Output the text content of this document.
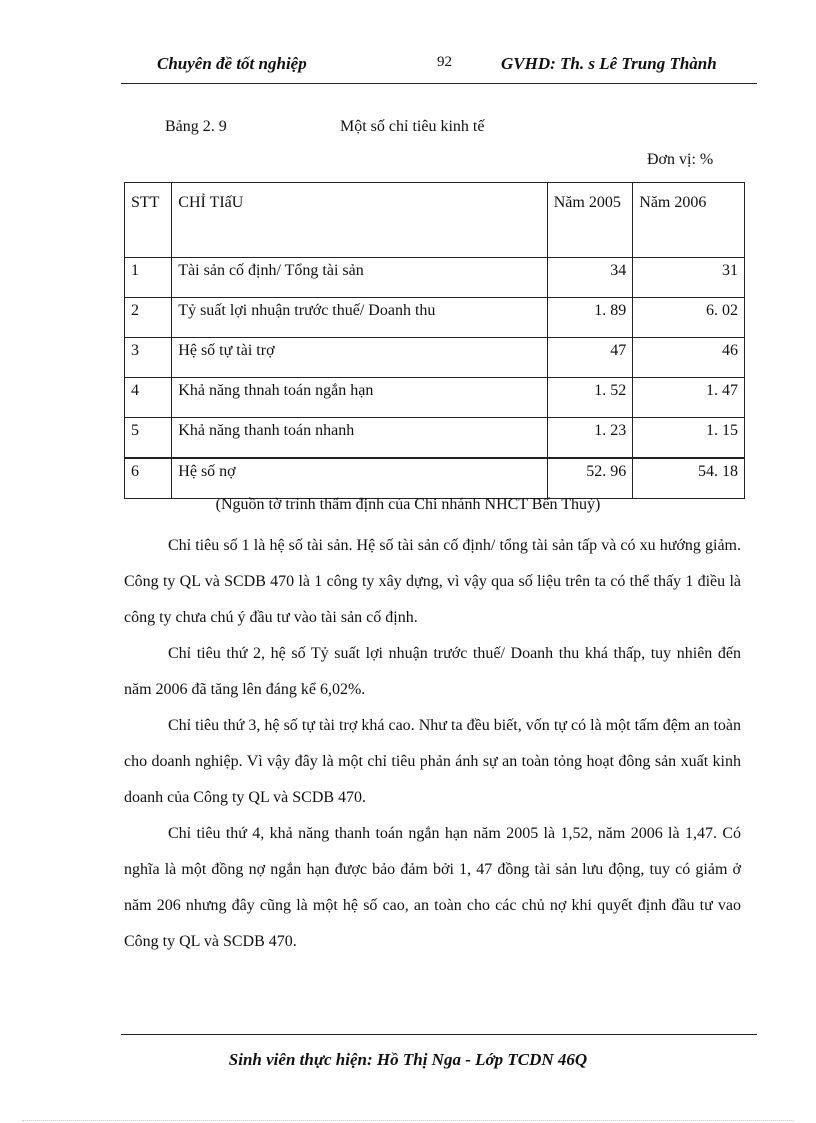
Chuyên đề tốt nghiệp	92	GVHD: Th. s Lê Trung Thành
Bảng 2. 9	Một số chỉ tiêu kinh tế
Đơn vị: %
STT	CHỈ TIấU	Năm 2005	Năm 2006
1	Tài sản cố định/ Tổng tài sản	34	31
2	Tỷ suất lợi nhuận trước thuế/ Doanh thu	1. 89	6. 02
3	Hệ số tự tài trợ	47	46
4	Khả năng thnah toán ngắn hạn	1. 52	1. 47
5	Khả năng thanh toán nhanh	1. 23	1. 15
6	Hệ số nợ	52. 96	54. 18
(Nguồn tờ trình thẩm định của Chi nhánh NHCT Bến Thuỷ)

Chỉ tiêu số 1 là hệ số tài sản. Hệ số tài sản cố định/ tổng tài sản tấp và có xu hướng giảm. Công ty QL và SCDB 470 là 1 công ty xây dựng, vì vậy qua số liệu trên ta có thể thấy 1 điều là công ty chưa chú ý đầu tư vào tài sản cố định.

Chỉ tiêu thứ 2, hệ số Tỷ suất lợi nhuận trước thuế/ Doanh thu khá thấp, tuy nhiên đến năm 2006 đã tăng lên đáng kể 6,02%.

Chỉ tiêu thứ 3, hệ số tự tài trợ khá cao. Như ta đều biết, vốn tự có là một tấm đệm an toàn cho doanh nghiệp. Vì vậy đây là một chỉ tiêu phản ánh sự an toàn tỏng hoạt đông sản xuất kinh doanh của Công ty QL và SCDB 470.

Chỉ tiêu thứ 4, khả năng thanh toán ngắn hạn năm 2005 là 1,52, năm 2006 là 1,47. Có nghĩa là một đồng nợ ngắn hạn được bảo đảm bởi 1, 47 đồng tài sản lưu động, tuy có giảm ở năm 206 nhưng đây cũng là một hệ số cao, an toàn cho các chủ nợ khi quyết định đầu tư vao Công ty QL và SCDB 470.

Sinh viên thực hiện: Hồ Thị Nga - Lớp TCDN 46Q
